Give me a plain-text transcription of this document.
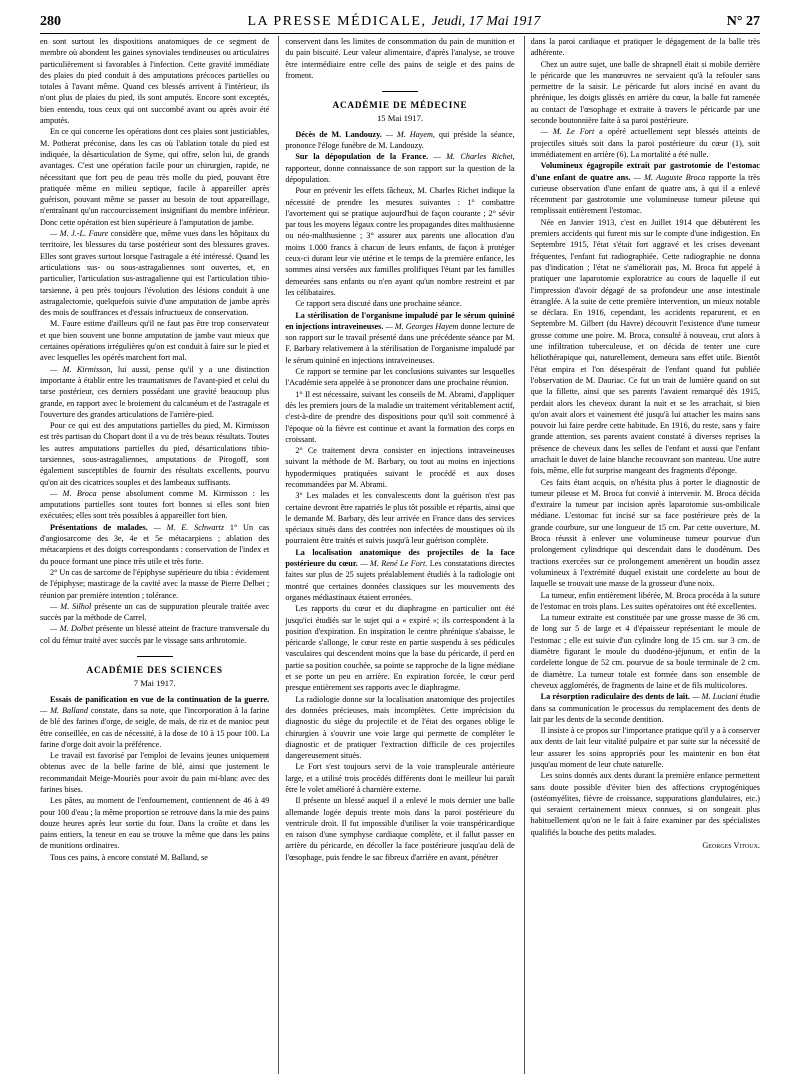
280	LA PRESSE MÉDICALE, Jeudi, 17 Mai 1917	N° 27

en sont surtout les dispositions anatomiques de ce segment de membre où abondent les gaines synoviales tendineuses ou articulaires particulièrement si favorables à l'infection. Cette gravité immédiate des plaies du pied conduit à des amputations précoces partielles ou totales à l'avant même. Quand ces blessés arrivent à l'intérieur, ils n'ont plus de plaies du pied, ils sont amputés. Encore sont exceptés, bien entendu, tous ceux qui ont succombé avant ou après avoir été amputés.

En ce qui concerne les opérations dont ces plaies sont justiciables, M. Potherat préconise, dans les cas où l'ablation totale du pied est indiquée, la désarticulation de Syme, qui offre, selon lui, de grands avantages. C'est une opération facile pour un chirurgien, rapide, ne nécessitant que fort peu de peau très molle du pied, pouvant être pratiquée même en milieu septique, facile à appareiller après guérison, pouvant même se passer au besoin de tout appareillage, n'entraînant qu'un raccourcissement insignifiant du membre inférieur. Donc cette opération est bien supérieure à l'amputation de jambe.

— M. J.-L. Faure considère que, même vues dans les hôpitaux du territoire, les blessures du tarse postérieur sont des blessures graves. Elles sont graves surtout lorsque l'astragale a été intéressé. Quand les articulations sus- ou sous-astragaliennes sont ouvertes, et, en particulier, l'articulation sus-astragalienne qui est l'articulation tibio-tarsienne, à peu près toujours l'évolution des lésions conduit à une astragalectomie, quelquefois suivie d'une amputation de jambe après des mois de souffrances et d'essais infructueux de conservation.

M. Faure estime d'ailleurs qu'il ne faut pas être trop conservateur et que bien souvent une bonne amputation de jambe vaut mieux que certaines opérations irrégulières qu'on est conduit à faire sur le pied et avec lesquelles les opérés marchent fort mal.

— M. Kirmisson, lui aussi, pense qu'il y a une distinction importante à établir entre les traumatismes de l'avant-pied et celui du tarse postérieur, ces derniers possédant une gravité beaucoup plus grande, en rapport avec le broiement du calcanéum et de l'astragale et l'ouverture des grandes articulations de l'arrière-pied.

Pour ce qui est des amputations partielles du pied, M. Kirmisson est très partisan du Chopart dont il a vu de très beaux résultats. Toutes les autres amputations partielles du pied, désarticulations tibio-tarsiennes, sous-astragaliennes, amputations de Pirogoff, sont également susceptibles de fournir des résultats excellents, pourvu qu'on ait des cicatrices souples et des lambeaux suffisants.

— M. Broca pense absolument comme M. Kirmisson : les amputations partielles sont toutes fort bonnes si elles sont bien exécutées; elles sont très possibles à appareiller fort bien.

Présentations de malades. — M. E. Schwartz 1° Un cas d'angiosarcome des 3e, 4e et 5e métacarpiens ; ablation des métacarpiens et des doigts correspondants : conservation de l'index et du pouce formant une pince très utile et très forte.

2° Un cas de sarcome de l'épiphyse supérieure du tibia : évidement de l'épiphyse; masticage de la cavité avec la masse de Pierre Delbet ; réunion par première intention ; tolérance.

— M. Silhol présente un cas de suppuration pleurale traitée avec succès par la méthode de Carrel.

— M. Dolbet présente un blessé atteint de fracture transversale du col du fémur traité avec succès par le vissage sans arthrotomie.

ACADÉMIE DES SCIENCES
7 Mai 1917.

Essais de panification en vue de la continuation de la guerre. — M. Balland constate, dans sa note, que l'incorporation à la farine de blé des farines d'orge, de seigle, de maïs, de riz et de manioc peut être conseillée, en cas de nécessité, à la dose de 10 à 15 pour 100. La farine d'orge doit avoir la préférence.

Le travail est favorisé par l'emploi de levains jeunes uniquement obtenus avec de la belle farine de blé, ainsi que justement le recommandait Meige-Mouriès pour avoir du pain mi-blanc avec des farines bises.

Les pâtes, au moment de l'enfournement, contiennent de 46 à 49 pour 100 d'eau ; la même proportion se retrouve dans la mie des pains douze heures après leur sortie du four. Dans la croûte et dans les pains entiers, la teneur en eau se trouve la même que dans les pains de munitions ordinaires.

Tous ces pains, à encore constaté M. Balland, se

conservent dans les limites de consommation du pain de munition et du pain biscuité. Leur valeur alimentaire, d'après l'analyse, se trouve être intermédiaire entre celle des pains de seigle et des pains de froment.

ACADÉMIE DE MÉDECINE
15 Mai 1917.

Décès de M. Landouzy. — M. Hayem, qui préside la séance, prononce l'éloge funèbre de M. Landouzy.

Sur la dépopulation de la France. — M. Charles Richet, rapporteur, donne connaissance de son rapport sur la question de la dépopulation.

Pour en prévenir les effets fâcheux, M. Charles Richet indique la nécessité de prendre les mesures suivantes : 1° combattre l'avortement qui se pratique aujourd'hui de façon courante ; 2° sévir par tous les moyens légaux contre les propagandes dites malthusienne ou néo-malthusienne ; 3° assurer aux parents une allocation d'au moins 1.000 francs à chacun de leurs enfants, de façon à protéger ceux-ci durant leur vie utérine et le temps de la première enfance, les sommes ainsi versées aux familles prolifiques l'étant par les familles demeurées sans enfants ou n'en ayant qu'un nombre restreint et par les célibataires.

Ce rapport sera discuté dans une prochaine séance.

La stérilisation de l'organisme impaludé par le sérum quininé en injections intraveineuses. — M. Georges Hayem donne lecture de son rapport sur le travail présenté dans une précédente séance par M. F. Barbary relativement à la stérilisation de l'organisme impaludé par le sérum quininé en injections intraveineuses.

Ce rapport se termine par les conclusions suivantes sur lesquelles l'Académie sera appelée à se prononcer dans une prochaine réunion.

1° Il est nécessaire, suivant les conseils de M. Abrami, d'appliquer dès les premiers jours de la maladie un traitement véritablement actif, c'est-à-dire de prendre des dispositions pour qu'il soit commencé à l'époque où la fièvre est continue et avant la formation des corps en croissant.

2° Ce traitement devra consister en injections intraveineuses suivant la méthode de M. Barbary, ou tout au moins en injections hypodermiques pratiquées suivant le procédé et aux doses recommandées par M. Abrami.

3° Les malades et les convalescents dont la guérison n'est pas certaine devront être rapatriés le plus tôt possible et répartis, ainsi que le demande M. Barbary, dès leur arrivée en France dans des services spéciaux situés dans des contrées non infectées de moustiques où ils pourraient être traités et suivis jusqu'à leur guérison complète.

La localisation anatomique des projectiles de la face postérieure du cœur. — M. René Le Fort. Les constatations directes faites sur plus de 25 sujets préalablement étudiés à la radiologie ont montré que certaines données classiques sur les mouvements des organes médiastinaux étaient erronées.

Les rapports du cœur et du diaphragme en particulier ont été jusqu'ici étudiés sur le sujet qui a « expiré »; ils correspondent à la position d'expiration. En inspiration le centre phrénique s'abaisse, le péricarde s'allonge, le cœur reste en partie suspendu à ses pédicules vasculaires qui descendent moins que la base du péricarde, il perd en partie sa position couchée, sa pointe se rapproche de la ligne médiane et se porte un peu en arrière. En expiration forcée, le cœur perd presque entièrement ses rapports avec le diaphragme.

La radiologie donne sur la localisation anatomique des projectiles des données précieuses, mais incomplètes. Cette imprécision du diagnostic du siège du projectile et de l'état des organes oblige le chirurgien à s'ouvrir une voie large qui permette de compléter le diagnostic et de pratiquer l'extraction difficile de ces projectiles dangereusement situés.

Le Fort s'est toujours servi de la voie transpleurale antérieure large, et a utilisé trois procédés différents dont le meilleur lui paraît être le volet amélioré à charnière externe.

Il présente un blessé auquel il a enlevé le mois dernier une balle allemande logée depuis trente mois dans la paroi postérieure du ventricule droit. Il fut impossible d'utiliser la voie transpéricardique en raison d'une symphyse cardiaque complète, et il fallut passer en arrière du péricarde, en décoller la face postérieure jusqu'au delà de l'œsophage, puis fendre le sac fibreux d'arrière en avant, pénétrer

dans la paroi cardiaque et pratiquer le dégagement de la balle très adhérente.

Chez un autre sujet, une balle de shrapnell était si mobile derrière le péricarde que les manœuvres ne servaient qu'à la refouler sans permettre de la saisir. Le péricarde fut alors incisé en avant du phrénique, les doigts glissés en arrière du cœur, la balle fut ramenée au contact de l'œsophage et extraite à travers le péricarde par une seconde boutonnière faite à sa paroi postérieure.

— M. Le Fort a opéré actuellement sept blessés atteints de projectiles situés soit dans la paroi postérieure du cœur (1), soit immédiatement en arrière (6). La mortalité a été nulle.

Volumineux égagropile extrait par gastrotomie de l'estomac d'une enfant de quatre ans. — M. Auguste Broca rapporte la très curieuse observation d'une enfant de quatre ans, à qui il a enlevé récemment par gastrotomie une volumineuse tumeur pileuse qui remplissait entièrement l'estomac.

Née en Janvier 1913, c'est en Juillet 1914 que débutèrent les premiers accidents qui furent mis sur le compte d'une indigestion. En Septembre 1915, l'état s'était fort aggravé et les crises devenant fréquentes, l'enfant fut radiographiée. Cette radiographie ne donna pas d'indication ; l'état ne s'améliorait pas, M. Broca fut appelé à pratiquer une laparotomie exploratrice au cours de laquelle il eut l'impression d'avoir dégagé de sa profondeur une anse intestinale étranglée. A la suite de cette première intervention, un mieux notable se déclara. En 1916, cependant, les accidents reparurent, et en Septembre M. Gilbert (du Havre) découvrit l'existence d'une tumeur grosse comme une poire. M. Broca, consulté à nouveau, crut alors à une infiltration tuberculeuse, et on décida de tenter une cure héliothérapique qui, naturellement, demeura sans effet utile. Bientôt l'état empira et l'on désespérait de l'enfant quand fut publiée l'observation de M. Dauriac. Ce fut un trait de lumière quand on sut que la fillette, ainsi que ses parents l'avaient remarqué dès 1915, perdait alors les cheveux durant la nuit et se les arrachait, si bien qu'on avait alors et vainement été jusqu'à lui attacher les mains sans pouvoir lui faire perdre cette habitude. En 1916, du reste, sans y faire grande attention, ses parents avaient constaté à diverses reprises la présence de cheveux dans les selles de l'enfant et aussi que l'enfant arrachait le duvet de laine blanche recouvrant son manteau. Une autre fois, même, elle fut surprise mangeant des fragments d'éponge.

Ces faits étant acquis, on n'hésita plus à porter le diagnostic de tumeur pileuse et M. Broca fut convié à intervenir. M. Broca décida d'extraire la tumeur par incision après laparotomie sus-ombilicale médiane. L'estomac fut incisé sur sa face postérieure près de la grande courbure, sur une longueur de 15 cm. Par cette ouverture, M. Broca réussit à enlever une volumineuse tumeur pourvue d'un prolongement cylindrique qui descendait dans le duodénum. Des tractions exercées sur ce prolongement amenèrent un boudin assez volumineux à l'extrémité duquel existait une cordelette au bout de laquelle se trouvait une masse de la grosseur d'une noix.

La tumeur, enfin entièrement libérée, M. Broca procéda à la suture de l'estomac en trois plans. Les suites opératoires ont été excellentes.

La tumeur extraite est constituée par une grosse masse de 36 cm. de long sur 5 de large et 4 d'épaisseur représentant le moule de l'estomac ; elle est suivie d'un cylindre long de 15 cm. sur 3 cm. de diamètre figurant le moule du duodéno-jéjunum, et enfin de la cordelette longue de 52 cm. pourvue de sa boule terminale de 2 cm. de diamètre. La tumeur totale est formée dans son ensemble de cheveux agglomérés, de fragments de laine et de fils multicolores.

La résorption radiculaire des dents de lait. — M. Luciani étudie dans sa communication le processus du remplacement des dents de lait par les dents de la seconde dentition.

Il insiste à ce propos sur l'importance pratique qu'il y a à conserver aux dents de lait leur vitalité pulpaire et par suite sur la nécessité de leur assurer les soins appropriés pour les maintenir en bon état jusqu'au moment de leur chute naturelle.

Les soins donnés aux dents durant la première enfance permettent sans doute possible d'éviter bien des affections cryptogéniques (ostéomyélites, fièvre de croissance, suppurations glandulaires, etc.) qui seraient certainement mieux connues, si on songeait plus habituellement qu'on ne le fait à faire examiner par des spécialistes qualifiés la bouche des petits malades.

Georges Vitoux.
